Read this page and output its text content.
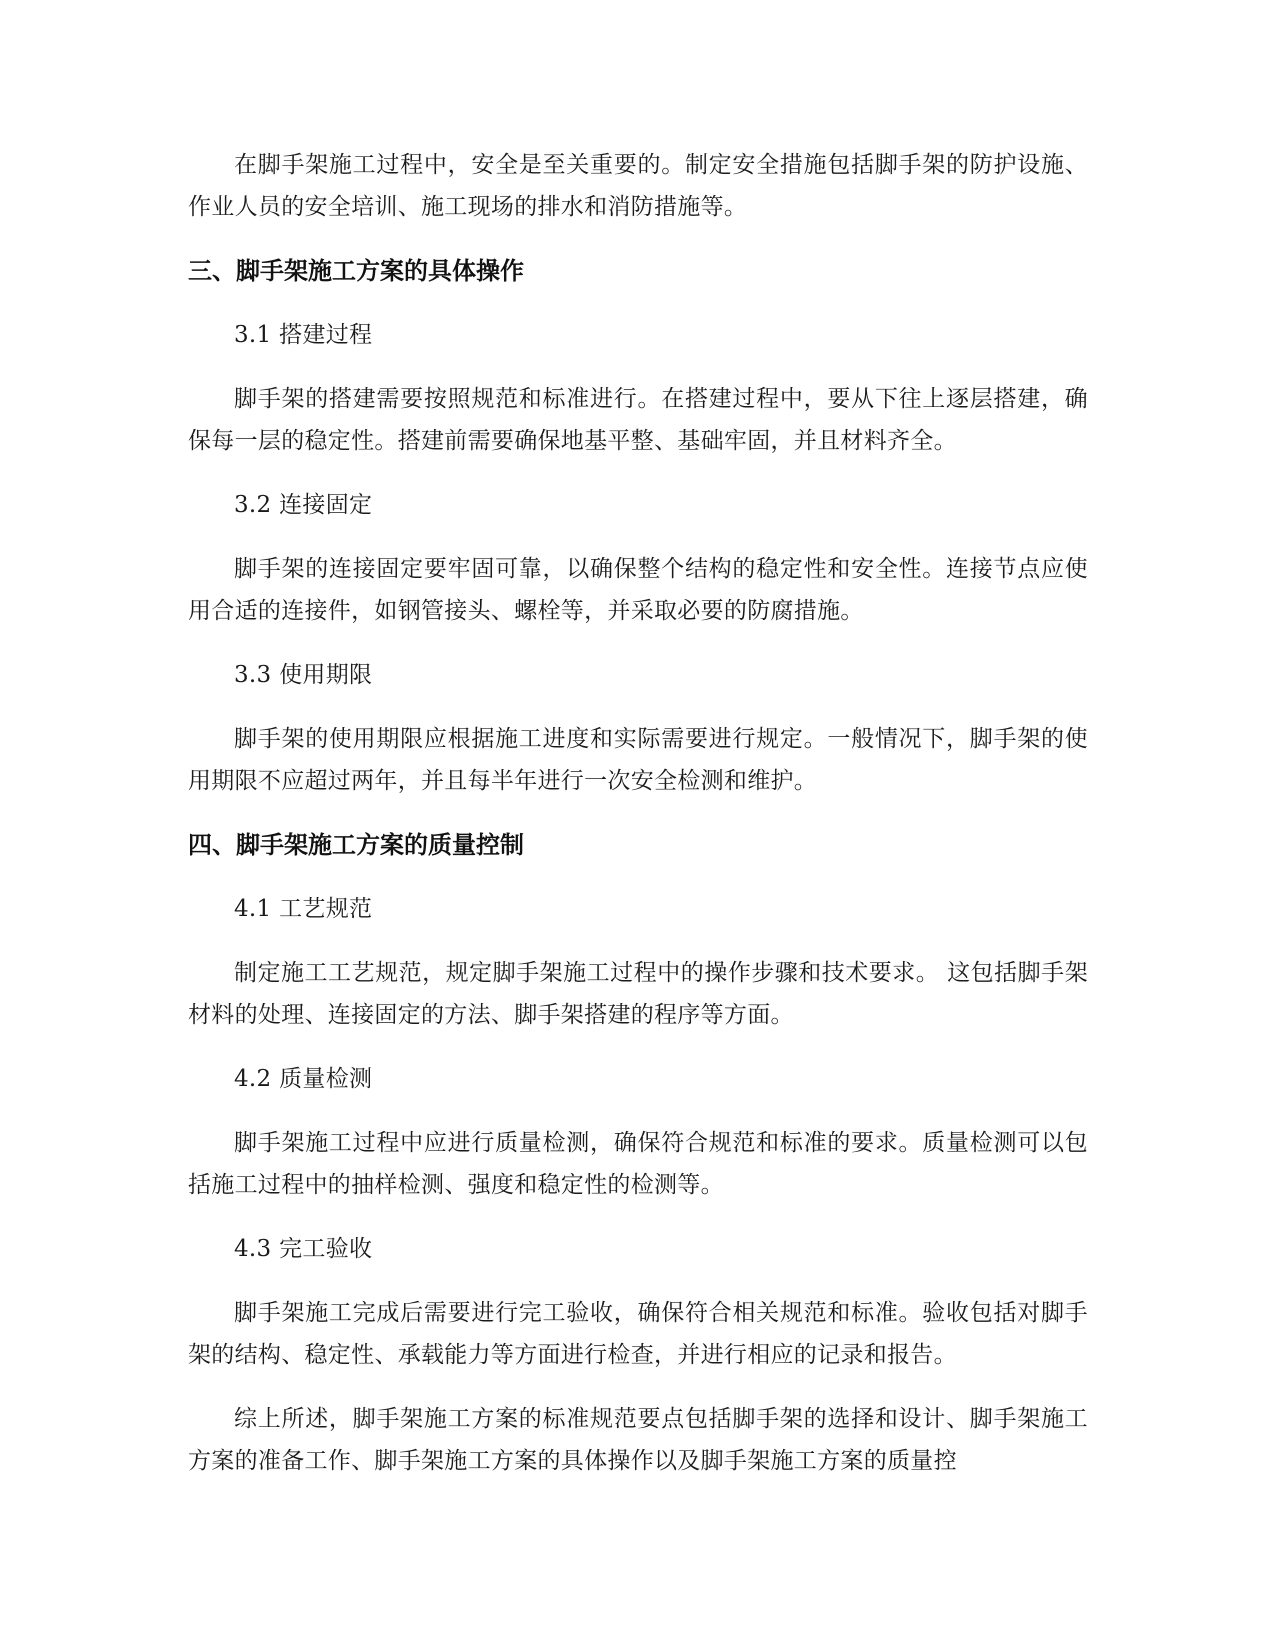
在脚手架施工过程中，安全是至关重要的。制定安全措施包括脚手架的防护设施、作业人员的安全培训、施工现场的排水和消防措施等。

三、脚手架施工方案的具体操作

3.1 搭建过程

脚手架的搭建需要按照规范和标准进行。在搭建过程中，要从下往上逐层搭建，确保每一层的稳定性。搭建前需要确保地基平整、基础牢固，并且材料齐全。

3.2 连接固定

脚手架的连接固定要牢固可靠，以确保整个结构的稳定性和安全性。连接节点应使用合适的连接件，如钢管接头、螺栓等，并采取必要的防腐措施。

3.3 使用期限

脚手架的使用期限应根据施工进度和实际需要进行规定。一般情况下，脚手架的使用期限不应超过两年，并且每半年进行一次安全检测和维护。

四、脚手架施工方案的质量控制

4.1 工艺规范

制定施工工艺规范，规定脚手架施工过程中的操作步骤和技术要求。 这包括脚手架材料的处理、连接固定的方法、脚手架搭建的程序等方面。

4.2 质量检测

脚手架施工过程中应进行质量检测，确保符合规范和标准的要求。质量检测可以包括施工过程中的抽样检测、强度和稳定性的检测等。

4.3 完工验收

脚手架施工完成后需要进行完工验收，确保符合相关规范和标准。验收包括对脚手架的结构、稳定性、承载能力等方面进行检查，并进行相应的记录和报告。

综上所述，脚手架施工方案的标准规范要点包括脚手架的选择和设计、脚手架施工方案的准备工作、脚手架施工方案的具体操作以及脚手架施工方案的质量控
